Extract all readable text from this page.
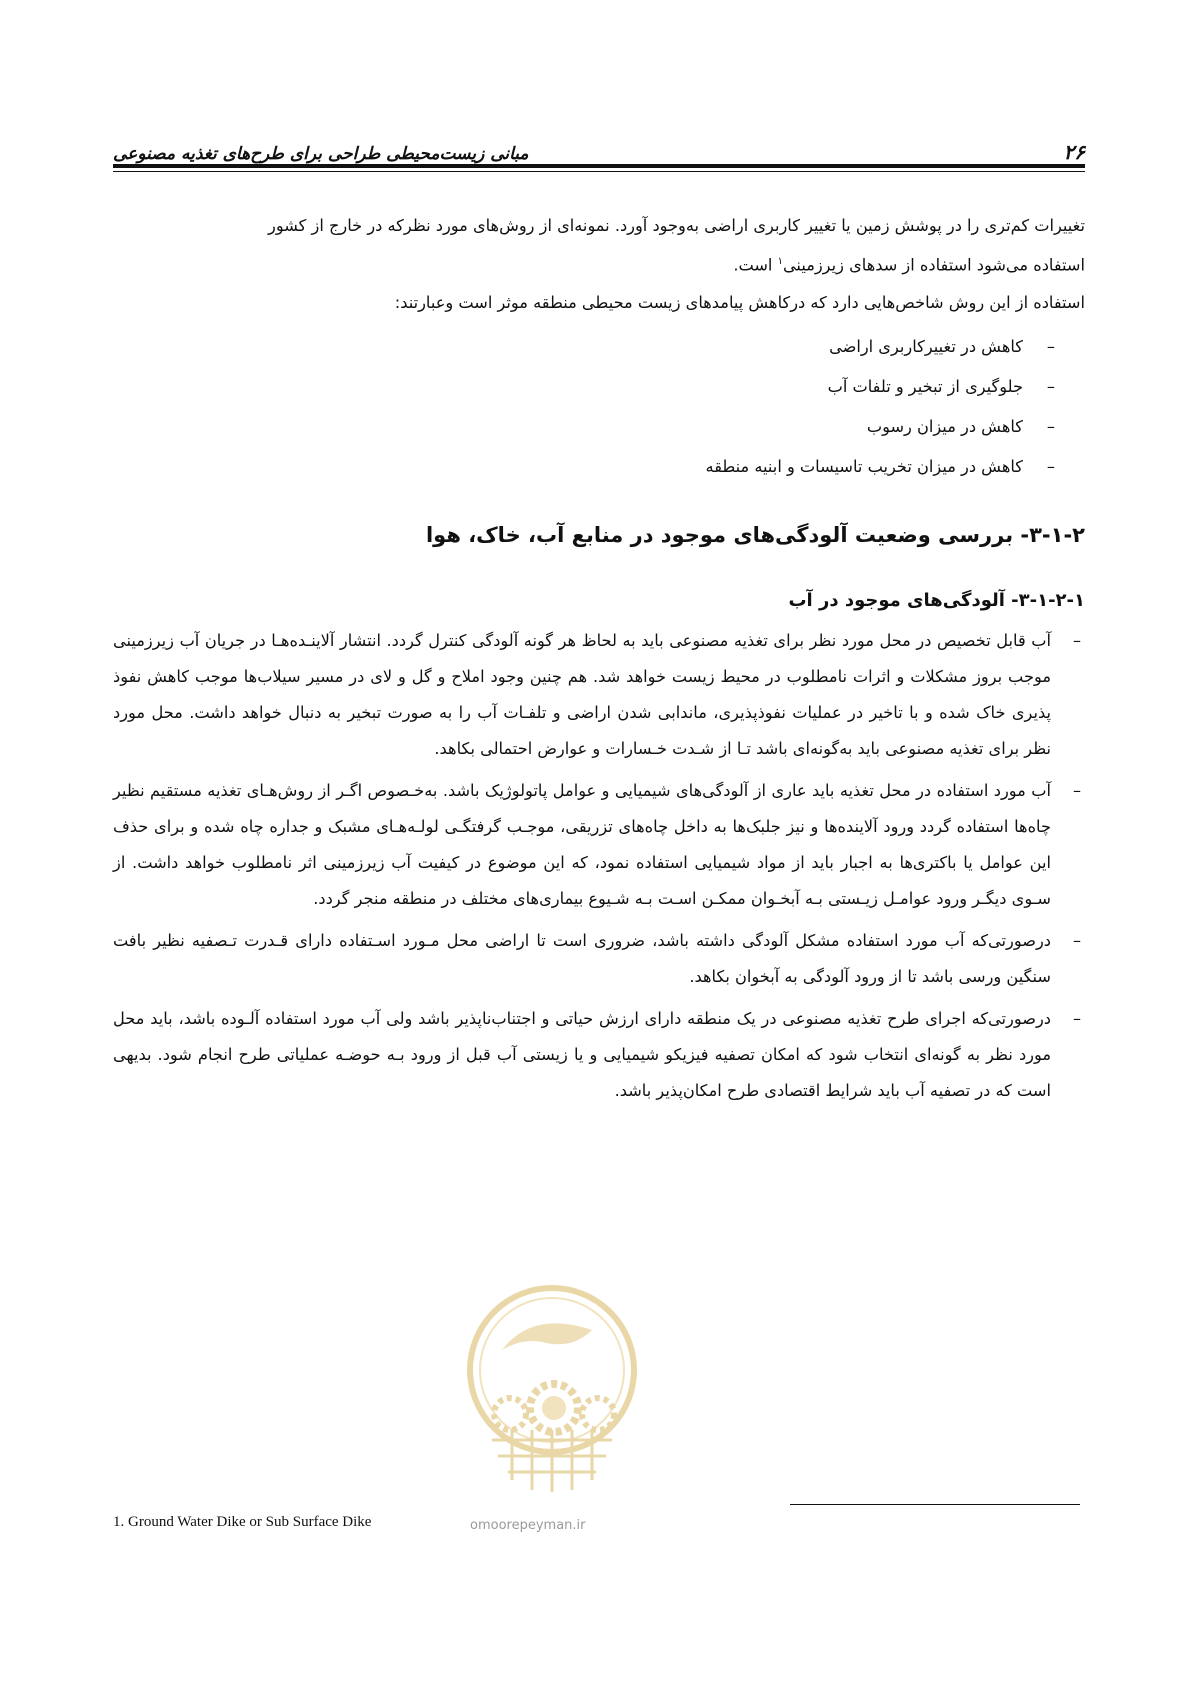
۲۶
مبانی زیست‌محیطی طراحی برای طرح‌های تغذیه مصنوعی

تغییرات کم‌تری را در پوشش زمین یا تغییر کاربری اراضی به‌وجود آورد. نمونه‌ای از روش‌های مورد نظرکه در خارج از کشور

استفاده می‌شود استفاده از سدهای زیرزمینی$^۱$ است.

استفاده از این روش شاخص‌هایی دارد که درکاهش پیامدهای زیست محیطی منطقه موثر است وعبارتند:

–
کاهش در تغییرکاربری اراضی
–
جلوگیری از تبخیر و تلفات آب
–
کاهش در میزان رسوب
–
کاهش در میزان تخریب تاسیسات و ابنیه منطقه
۳-۱-۲- بررسی وضعیت آلودگی‌های موجود در منابع آب، خاک، هوا
۳-۱-۲-۱- آلودگی‌های موجود در آب
–
آب قابل تخصیص در محل مورد نظر برای تغذیه مصنوعی باید به لحاظ هر گونه آلودگی کنترل گردد. انتشار آلاینـده‌هـا در جریان آب زیرزمینی موجب بروز مشکلات و اثرات نامطلوب در محیط زیست خواهد شد. هم چنین وجود املاح و گل و لای در مسیر سیلاب‌ها موجب کاهش نفوذ پذیری خاک شده و با تاخیر در عملیات نفوذپذیری، ماندابی شدن اراضی و تلفـات آب را به صورت تبخیر به دنبال خواهد داشت. محل مورد نظر برای تغذیه مصنوعی باید به‌گونه‌ای باشد تـا از شـدت خـسارات و عوارض احتمالی بکاهد.
–
آب مورد استفاده در محل تغذیه باید عاری از آلودگی‌های شیمیایی و عوامل پاتولوژیک باشد. به‌خـصوص اگـر از روش‌هـای تغذیه مستقیم نظیر چاه‌ها استفاده گردد ورود آلاینده‌ها و نیز جلبک‌ها به داخل چاه‌های تزریقی، موجـب گرفتگـی لولـه‌هـای مشبک و جداره چاه شده و برای حذف این عوامل یا باکتری‌ها به اجبار باید از مواد شیمیایی استفاده نمود، که این موضوع در کیفیت آب زیرزمینی اثر نامطلوب خواهد داشت. از سـوی دیگـر ورود عوامـل زیـستی بـه آبخـوان ممکـن اسـت بـه شـیوع بیماری‌های مختلف در منطقه منجر گردد.
–
درصورتی‌که آب مورد استفاده مشکل آلودگی داشته باشد، ضروری است تا اراضی محل مـورد اسـتفاده دارای قـدرت تـصفیه نظیر بافت سنگین ورسی باشد تا از ورود آلودگی به آبخوان بکاهد.
–
درصورتی‌که اجرای طرح تغذیه مصنوعی در یک منطقه دارای ارزش حیاتی و اجتناب‌ناپذیر باشد ولی آب مورد استفاده آلـوده باشد، باید محل مورد نظر به گونه‌ای انتخاب شود که امکان تصفیه فیزیکو شیمیایی و یا زیستی آب قبل از ورود بـه حوضـه عملیاتی طرح انجام شود. بدیهی است که در تصفیه آب باید شرایط اقتصادی طرح امکان‌پذیر باشد.
omoorepeyman.ir
1. Ground Water Dike or Sub Surface Dike
